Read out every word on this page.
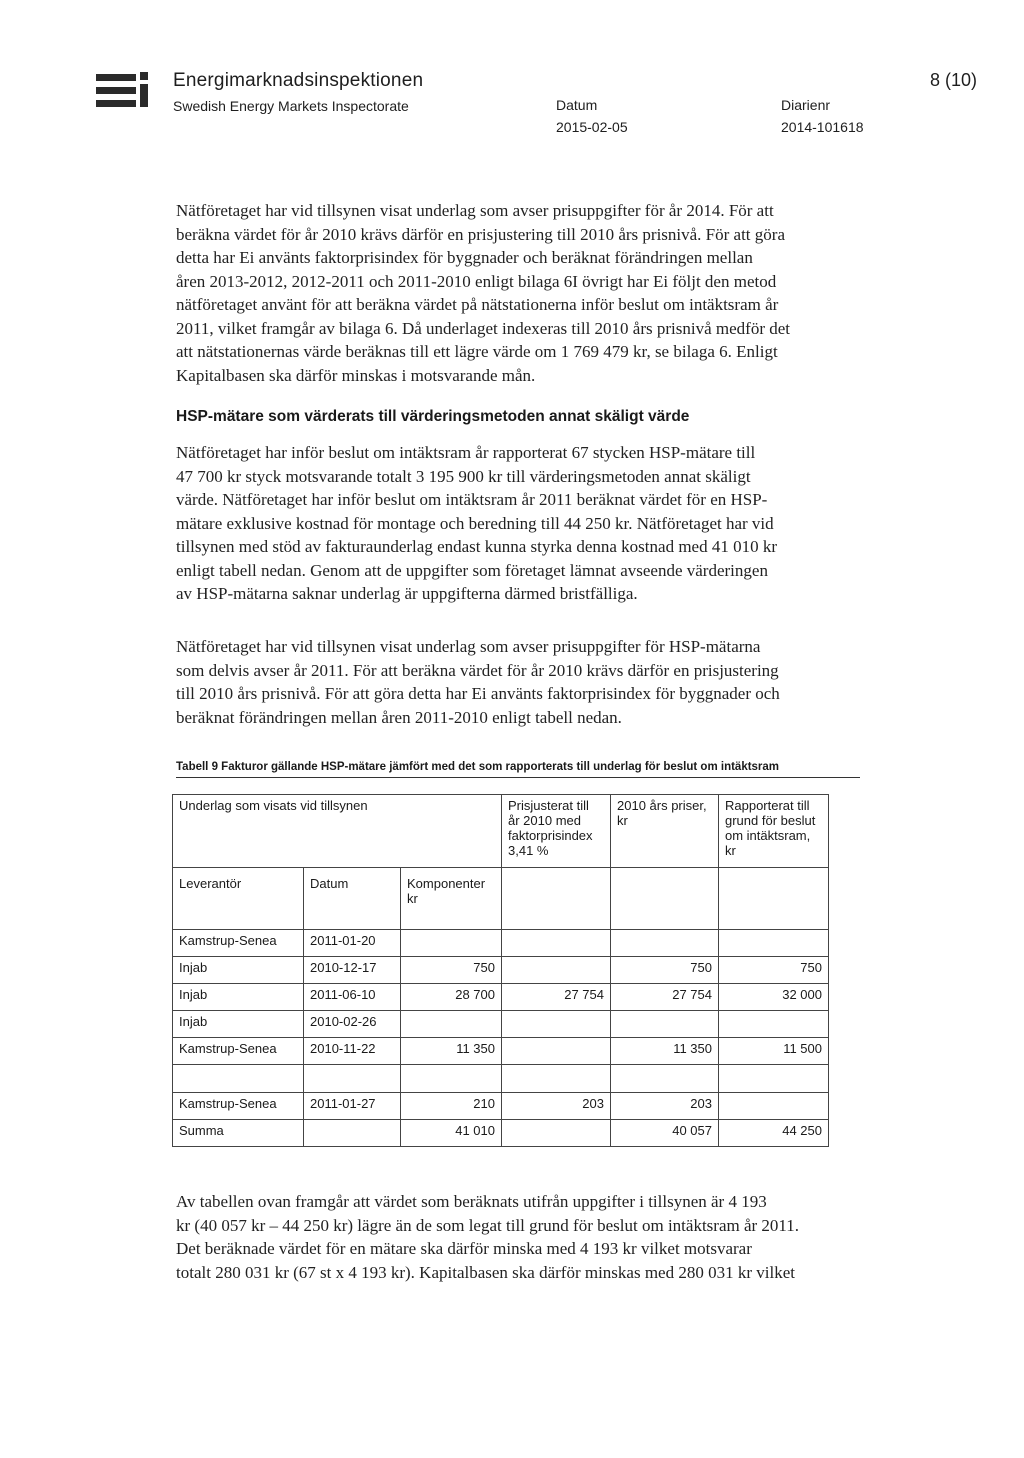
Energimarknadsinspektionen
Swedish Energy Markets Inspectorate	Datum
2015-02-05
Diarienr
2014-101618
8 (10)

Nätföretaget har vid tillsynen visat underlag som avser prisuppgifter för år 2014. För att

beräkna värdet för år 2010 krävs därför en prisjustering till 2010 års prisnivå. För att göra

detta har Ei använts faktorprisindex för byggnader och beräknat förändringen mellan

åren 2013-2012, 2012-2011 och 2011-2010 enligt bilaga 6I övrigt har Ei följt den metod

nätföretaget använt för att beräkna värdet på nätstationerna inför beslut om intäktsram år

2011, vilket framgår av bilaga 6. Då underlaget indexeras till 2010 års prisnivå medför det

att nätstationernas värde beräknas till ett lägre värde om 1 769 479 kr, se bilaga 6. Enligt

Kapitalbasen ska därför minskas i motsvarande mån.

HSP-mätare som värderats till värderingsmetoden annat skäligt värde

Nätföretaget har inför beslut om intäktsram år rapporterat 67 stycken HSP-mätare till

47 700 kr styck motsvarande totalt 3 195 900 kr till värderingsmetoden annat skäligt

värde. Nätföretaget har inför beslut om intäktsram år 2011 beräknat värdet för en HSP-

mätare exklusive kostnad för montage och beredning till 44 250 kr. Nätföretaget har vid

tillsynen med stöd av fakturaunderlag endast kunna styrka denna kostnad med 41 010 kr

enligt tabell nedan. Genom att de uppgifter som företaget lämnat avseende värderingen

av HSP-mätarna saknar underlag är uppgifterna därmed bristfälliga.

Nätföretaget har vid tillsynen visat underlag som avser prisuppgifter för HSP-mätarna

som delvis avser år 2011. För att beräkna värdet för år 2010 krävs därför en prisjustering

till 2010 års prisnivå. För att göra detta har Ei använts faktorprisindex för byggnader och

beräknat förändringen mellan åren 2011-2010 enligt tabell nedan.

Tabell 9 Fakturor gällande HSP-mätare jämfört med det som rapporterats till underlag för beslut om intäktsram
Underlag som visats vid tillsynen			Prisjusterat till år 2010 med faktorprisindex 3,41 %	2010 års priser, kr	Rapporterat till grund för beslut om intäktsram, kr
Leverantör	Datum	Komponenter kr			
Kamstrup-Senea	2011-01-20				
Injab	2010-12-17	750		750	750
Injab	2011-06-10	28 700	27 754	27 754	32 000
Injab	2010-02-26				
Kamstrup-Senea	2010-11-22	11 350		11 350	11 500

Kamstrup-Senea	2011-01-27	210	203	203	
Summa		41 010		40 057	44 250

Av tabellen ovan framgår att värdet som beräknats utifrån uppgifter i tillsynen är 4 193

kr (40 057 kr – 44 250 kr) lägre än de som legat till grund för beslut om intäktsram år 2011.

Det beräknade värdet för en mätare ska därför minska med 4 193 kr vilket motsvarar

totalt 280 031 kr (67 st x 4 193 kr). Kapitalbasen ska därför minskas med 280 031 kr vilket
